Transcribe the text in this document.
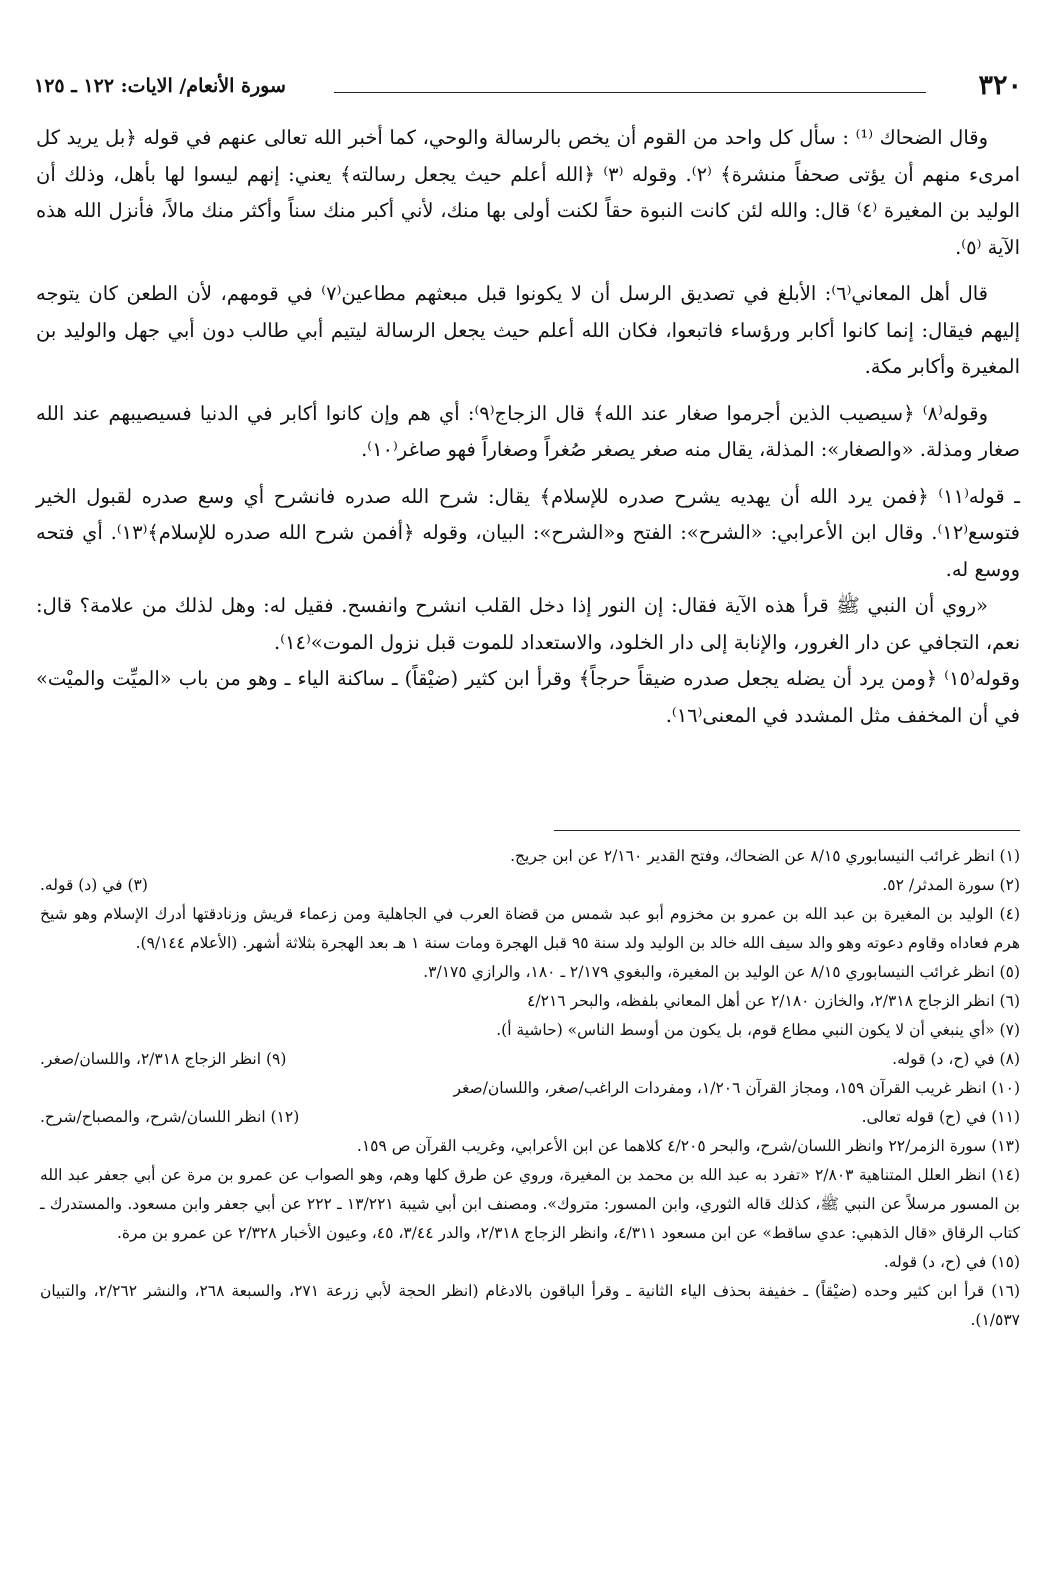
٣٢٠
سورة الأنعام/ الايات: ١٢٢ ـ ١٢٥

وقال الضحاك ⁽¹⁾ : سأل كل واحد من القوم أن يخص بالرسالة والوحي، كما أخبر الله تعالى عنهم في قوله ﴿بل يريد كل امرىء منهم أن يؤتى صحفاً منشرة﴾ ⁽٢⁾. وقوله ⁽٣⁾ ﴿الله أعلم حيث يجعل رسالته﴾ يعني: إنهم ليسوا لها بأهل، وذلك أن الوليد بن المغيرة ⁽٤⁾ قال: والله لئن كانت النبوة حقاً لكنت أولى بها منك، لأني أكبر منك سناً وأكثر منك مالاً، فأنزل الله هذه الآية ⁽٥⁾.

قال أهل المعاني⁽٦⁾: الأبلغ في تصديق الرسل أن لا يكونوا قبل مبعثهم مطاعين⁽٧⁾ في قومهم، لأن الطعن كان يتوجه إليهم فيقال: إنما كانوا أكابر ورؤساء فاتبعوا، فكان الله أعلم حيث يجعل الرسالة ليتيم أبي طالب دون أبي جهل والوليد بن المغيرة وأكابر مكة.

وقوله⁽٨⁾ ﴿سيصيب الذين أجرموا صغار عند الله﴾ قال الزجاج⁽٩⁾: أي هم وإن كانوا أكابر في الدنيا فسيصيبهم عند الله صغار ومذلة. «والصغار»: المذلة، يقال منه صغر يصغر صُغراً وصغاراً فهو صاغر⁽١٠⁾.

ـ قوله⁽١١⁾ ﴿فمن يرد الله أن يهديه يشرح صدره للإسلام﴾ يقال: شرح الله صدره فانشرح أي وسع صدره لقبول الخير فتوسع⁽١٢⁾. وقال ابن الأعرابي: «الشرح»: الفتح و«الشرح»: البيان، وقوله ﴿أفمن شرح الله صدره للإسلام﴾⁽١٣⁾. أي فتحه ووسع له.

«روي أن النبي ﷺ قرأ هذه الآية فقال: إن النور إذا دخل القلب انشرح وانفسح. فقيل له: وهل لذلك من علامة؟ قال: نعم، التجافي عن دار الغرور، والإنابة إلى دار الخلود، والاستعداد للموت قبل نزول الموت»⁽١٤⁾.

وقوله⁽١٥⁾ ﴿ومن يرد أن يضله يجعل صدره ضيقاً حرجاً﴾ وقرأ ابن كثير (ضيْقاً) ـ ساكنة الياء ـ وهو من باب «الميِّت والميْت» في أن المخفف مثل المشدد في المعنى⁽١٦⁾.

(١) انظر غرائب النيسابوري ٨/١٥ عن الضحاك، وفتح القدير ٢/١٦٠ عن ابن جريج.

(٢) سورة المدثر/ ٥٢.

(٣) في (د) قوله.

(٤) الوليد بن المغيرة بن عبد الله بن عمرو بن مخزوم أبو عبد شمس من قضاة العرب في الجاهلية ومن زعماء قريش وزنادقتها أدرك الإسلام وهو شيخ هرم فعاداه وقاوم دعوته وهو والد سيف الله خالد بن الوليد ولد سنة ٩٥ قبل الهجرة ومات سنة ١ هـ بعد الهجرة بثلاثة أشهر. (الأعلام ٩/١٤٤).

(٥) انظر غرائب النيسابوري ٨/١٥ عن الوليد بن المغيرة، والبغوي ٢/١٧٩ ـ ١٨٠، والرازي ٣/١٧٥.

(٦) انظر الزجاج ٢/٣١٨، والخازن ٢/١٨٠ عن أهل المعاني بلفظه، والبحر ٤/٢١٦

(٧) «أي ينبغي أن لا يكون النبي مطاع قوم، بل يكون من أوسط الناس» (حاشية أ).

(٨) في (ح، د) قوله.

(٩) انظر الزجاج ٢/٣١٨، واللسان/صغر.

(١٠) انظر غريب القرآن ١٥٩، ومجاز القرآن ١/٢٠٦، ومفردات الراغب/صغر، واللسان/صغر

(١١) في (ح) قوله تعالى.

(١٢) انظر اللسان/شرح، والمصباح/شرح.

(١٣) سورة الزمر/٢٢ وانظر اللسان/شرح، والبحر ٤/٢٠٥ كلاهما عن ابن الأعرابي، وغريب القرآن ص ١٥٩.

(١٤) انظر العلل المتناهية ٢/٨٠٣ «تفرد به عبد الله بن محمد بن المغيرة، وروي عن طرق كلها وهم، وهو الصواب عن عمرو بن مرة عن أبي جعفر عبد الله بن المسور مرسلاً عن النبي ﷺ، كذلك قاله الثوري، وابن المسور: متروك». ومصنف ابن أبي شيبة ١٣/٢٢١ ـ ٢٢٢ عن أبي جعفر وابن مسعود. والمستدرك ـ كتاب الرقاق «قال الذهبي: عدي ساقط» عن ابن مسعود ٤/٣١١، وانظر الزجاج ٢/٣١٨، والدر ٣/٤٤، ٤٥، وعيون الأخبار ٢/٣٢٨ عن عمرو بن مرة.

(١٥) في (ح، د) قوله.

(١٦) قرأ ابن كثير وحده (ضيْقاً) ـ خفيفة بحذف الياء الثانية ـ وقرأ الباقون بالادغام (انظر الحجة لأبي زرعة ٢٧١، والسبعة ٢٦٨، والنشر ٢/٢٦٢، والتبيان ١/٥٣٧).
